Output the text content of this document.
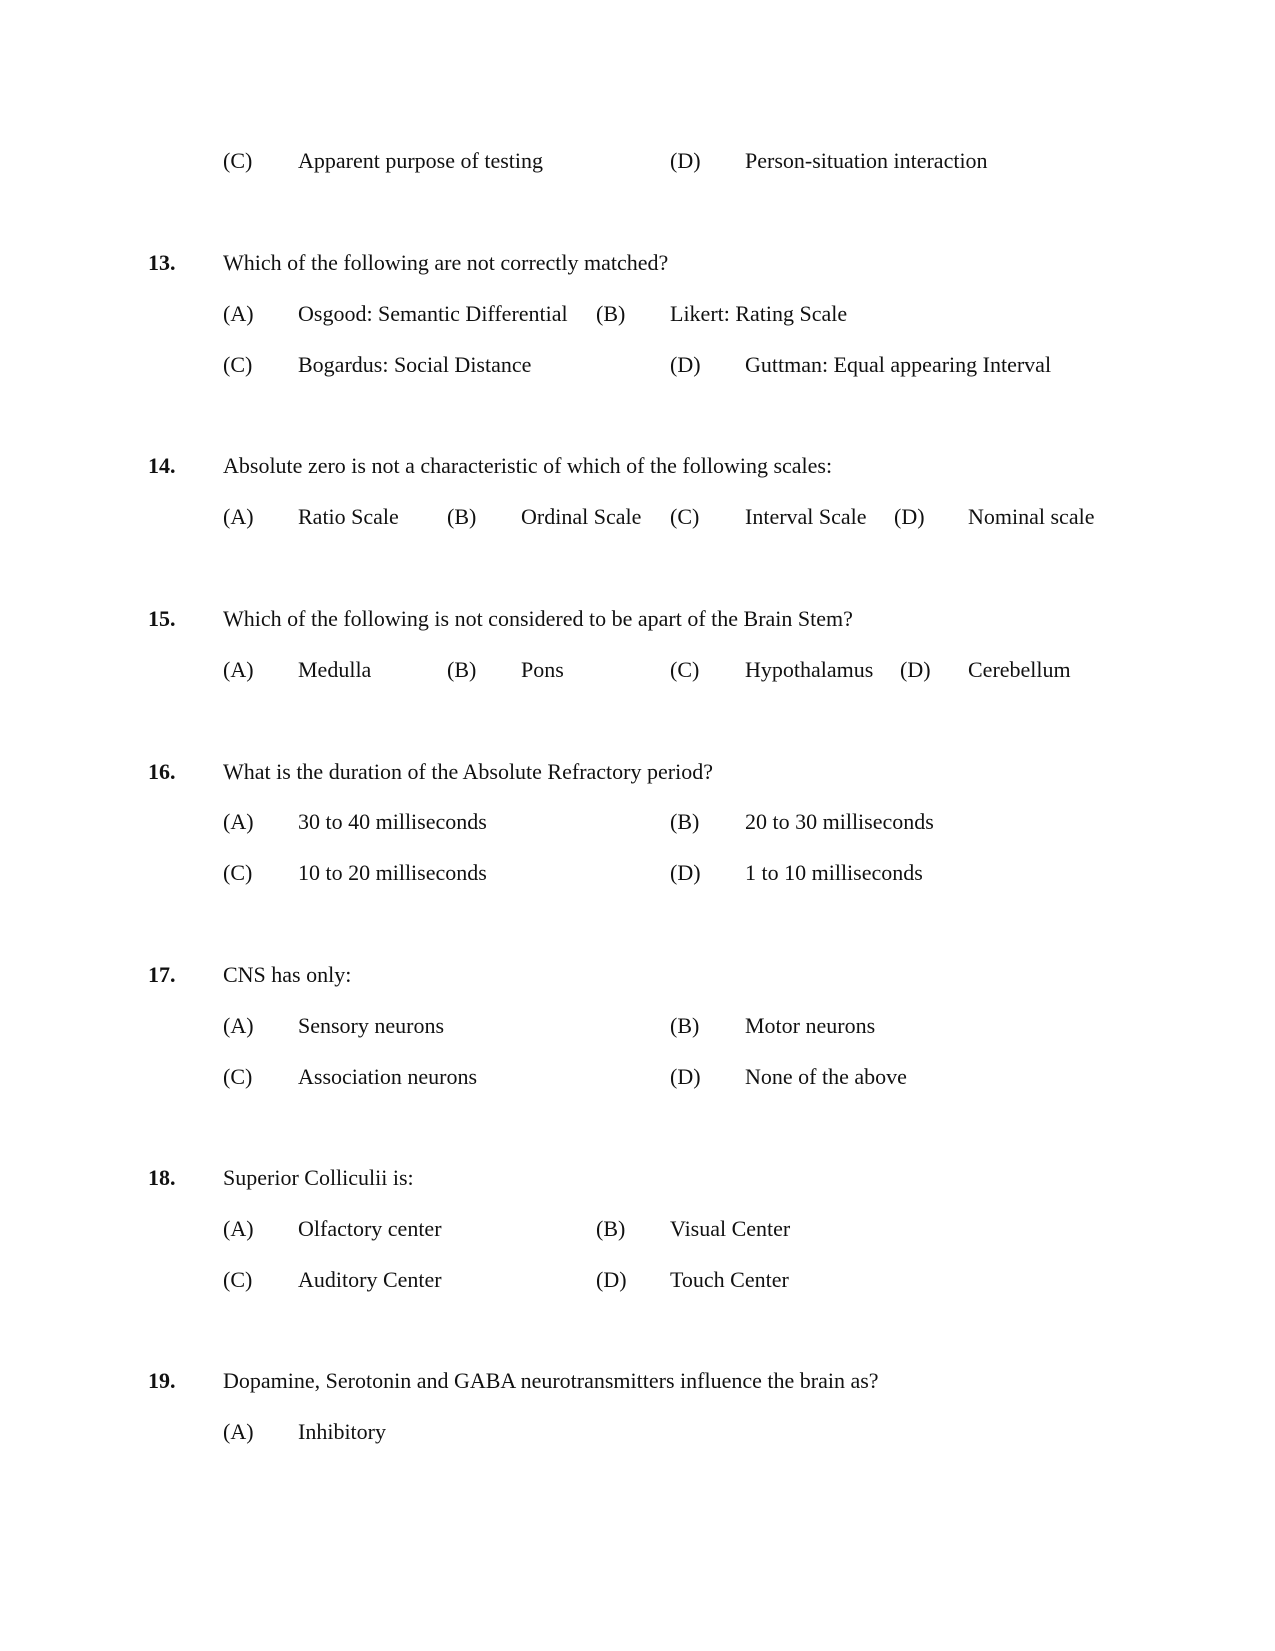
(C) Apparent purpose of testing	(D) Person-situation interaction
13. Which of the following are not correctly matched?
(A) Osgood: Semantic Differential (B) Likert: Rating Scale
(C) Bogardus: Social Distance	(D) Guttman: Equal appearing Interval
14. Absolute zero is not a characteristic of which of the following scales:
(A) Ratio Scale (B) Ordinal Scale (C) Interval Scale (D) Nominal scale
15. Which of the following is not considered to be apart of the Brain Stem?
(A) Medulla	(B) Pons	(C) Hypothalamus (D) Cerebellum
16. What is the duration of the Absolute Refractory period?
(A) 30 to 40 milliseconds	(B) 20 to 30 milliseconds
(C) 10 to 20 milliseconds	(D) 1 to 10 milliseconds
17. CNS has only:
(A) Sensory neurons	(B) Motor neurons
(C) Association neurons	(D) None of the above
18. Superior Colliculii is:
(A) Olfactory center	(B) Visual Center
(C) Auditory Center	(D) Touch Center
19. Dopamine, Serotonin and GABA neurotransmitters influence the brain as?
(A) Inhibitory
